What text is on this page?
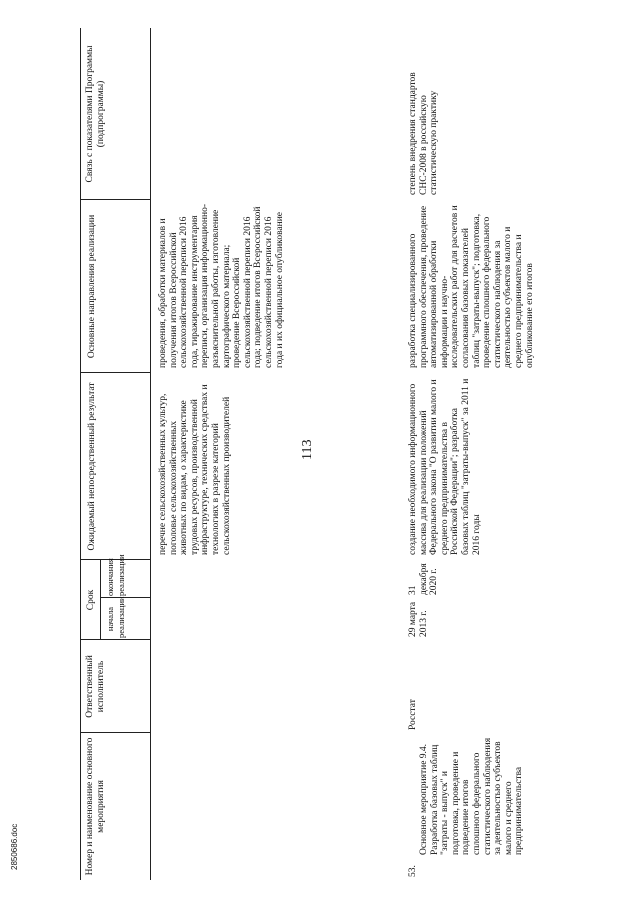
113
2850686.doc	Номер и наименование основного мероприятия
Ответственный исполнитель
Срок
начала реализации
окончания реализации
Ожидаемый непосредственный результат
Основные направления реализации
Связь с показателями Программы (подпрограммы)
перечне сельскохозяйственных культур, поголовье сельскохозяйственных животных по видам, о характеристике трудовых ресурсов, производственной инфраструктуре, технических средствах и технологиях в разрезе категорий сельскохозяйственных производителей
проведения, обработки материалов и получения итогов Всероссийской сельскохозяйственной переписи 2016 года, тиражирование инструментария переписи, организация информационно-разъяснительной работы, изготовление картографического материала; проведение Всероссийской сельскохозяйственной переписи 2016 года; подведение итогов Всероссийской сельскохозяйственной переписи 2016 года и их официальное опубликование
53.
Основное мероприятие 9.4. Разработка базовых таблиц "затраты - выпуск" и подготовка, проведение и подведение итогов сплошного федерального статистического наблюдения за деятельностью субъектов малого и среднего предпринимательства
Росстат
29 марта 2013 г.
31 декабря 2020 г.
создание необходимого информационного массива для реализации положений Федерального закона "О развитии малого и среднего предпринимательства в Российской Федерации"; разработка базовых таблиц "затраты-выпуск" за 2011 и 2016 годы
разработка специализированного программного обеспечения, проведение автоматизированной обработки информации и научно-исследовательских работ для расчетов и согласования базовых показателей таблиц "затраты-выпуск"; подготовка, проведение сплошного федерального статистического наблюдения за деятельностью субъектов малого и среднего предпринимательства и опубликование его итогов
степень внедрения стандартов СНС-2008 в российскую статистическую практику
